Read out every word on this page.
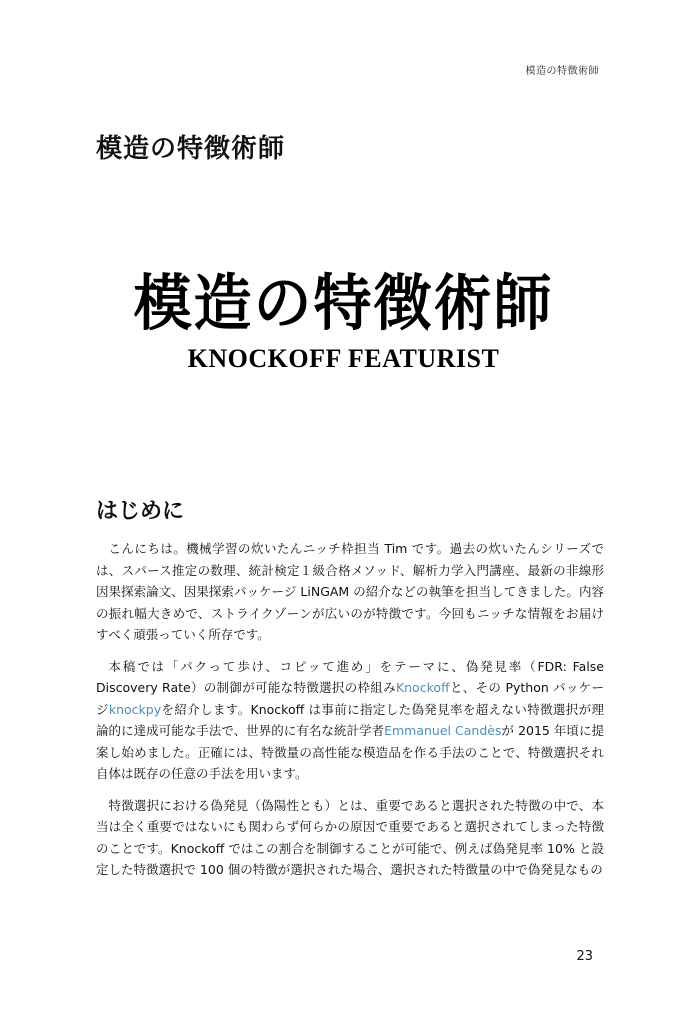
模造の特徴術師
模造の特徴術師
模造の特徴術師
KNOCKOFF FEATURIST
はじめに

こんにちは。機械学習の炊いたんニッチ枠担当 Tim です。過去の炊いたんシリーズでは、スパース推定の数理、統計検定１級合格メソッド、解析力学入門講座、最新の非線形因果探索論文、因果探索パッケージ LiNGAM の紹介などの執筆を担当してきました。内容の振れ幅大きめで、ストライクゾーンが広いのが特徴です。今回もニッチな情報をお届けすべく頑張っていく所存です。

本稿では「パクって歩け、コピッて進め」をテーマに、偽発見率（FDR: False Discovery Rate）の制御が可能な特徴選択の枠組みKnockoffと、その Python パッケージknockpyを紹介します。Knockoff は事前に指定した偽発見率を超えない特徴選択が理論的に達成可能な手法で、世界的に有名な統計学者Emmanuel Candèsが 2015 年頃に提案し始めました。正確には、特徴量の高性能な模造品を作る手法のことで、特徴選択それ自体は既存の任意の手法を用います。

特徴選択における偽発見（偽陽性とも）とは、重要であると選択された特徴の中で、本当は全く重要ではないにも関わらず何らかの原因で重要であると選択されてしまった特徴のことです。Knockoff ではこの割合を制御することが可能で、例えば偽発見率 10% と設定した特徴選択で 100 個の特徴が選択された場合、選択された特徴量の中で偽発見なもの

23
